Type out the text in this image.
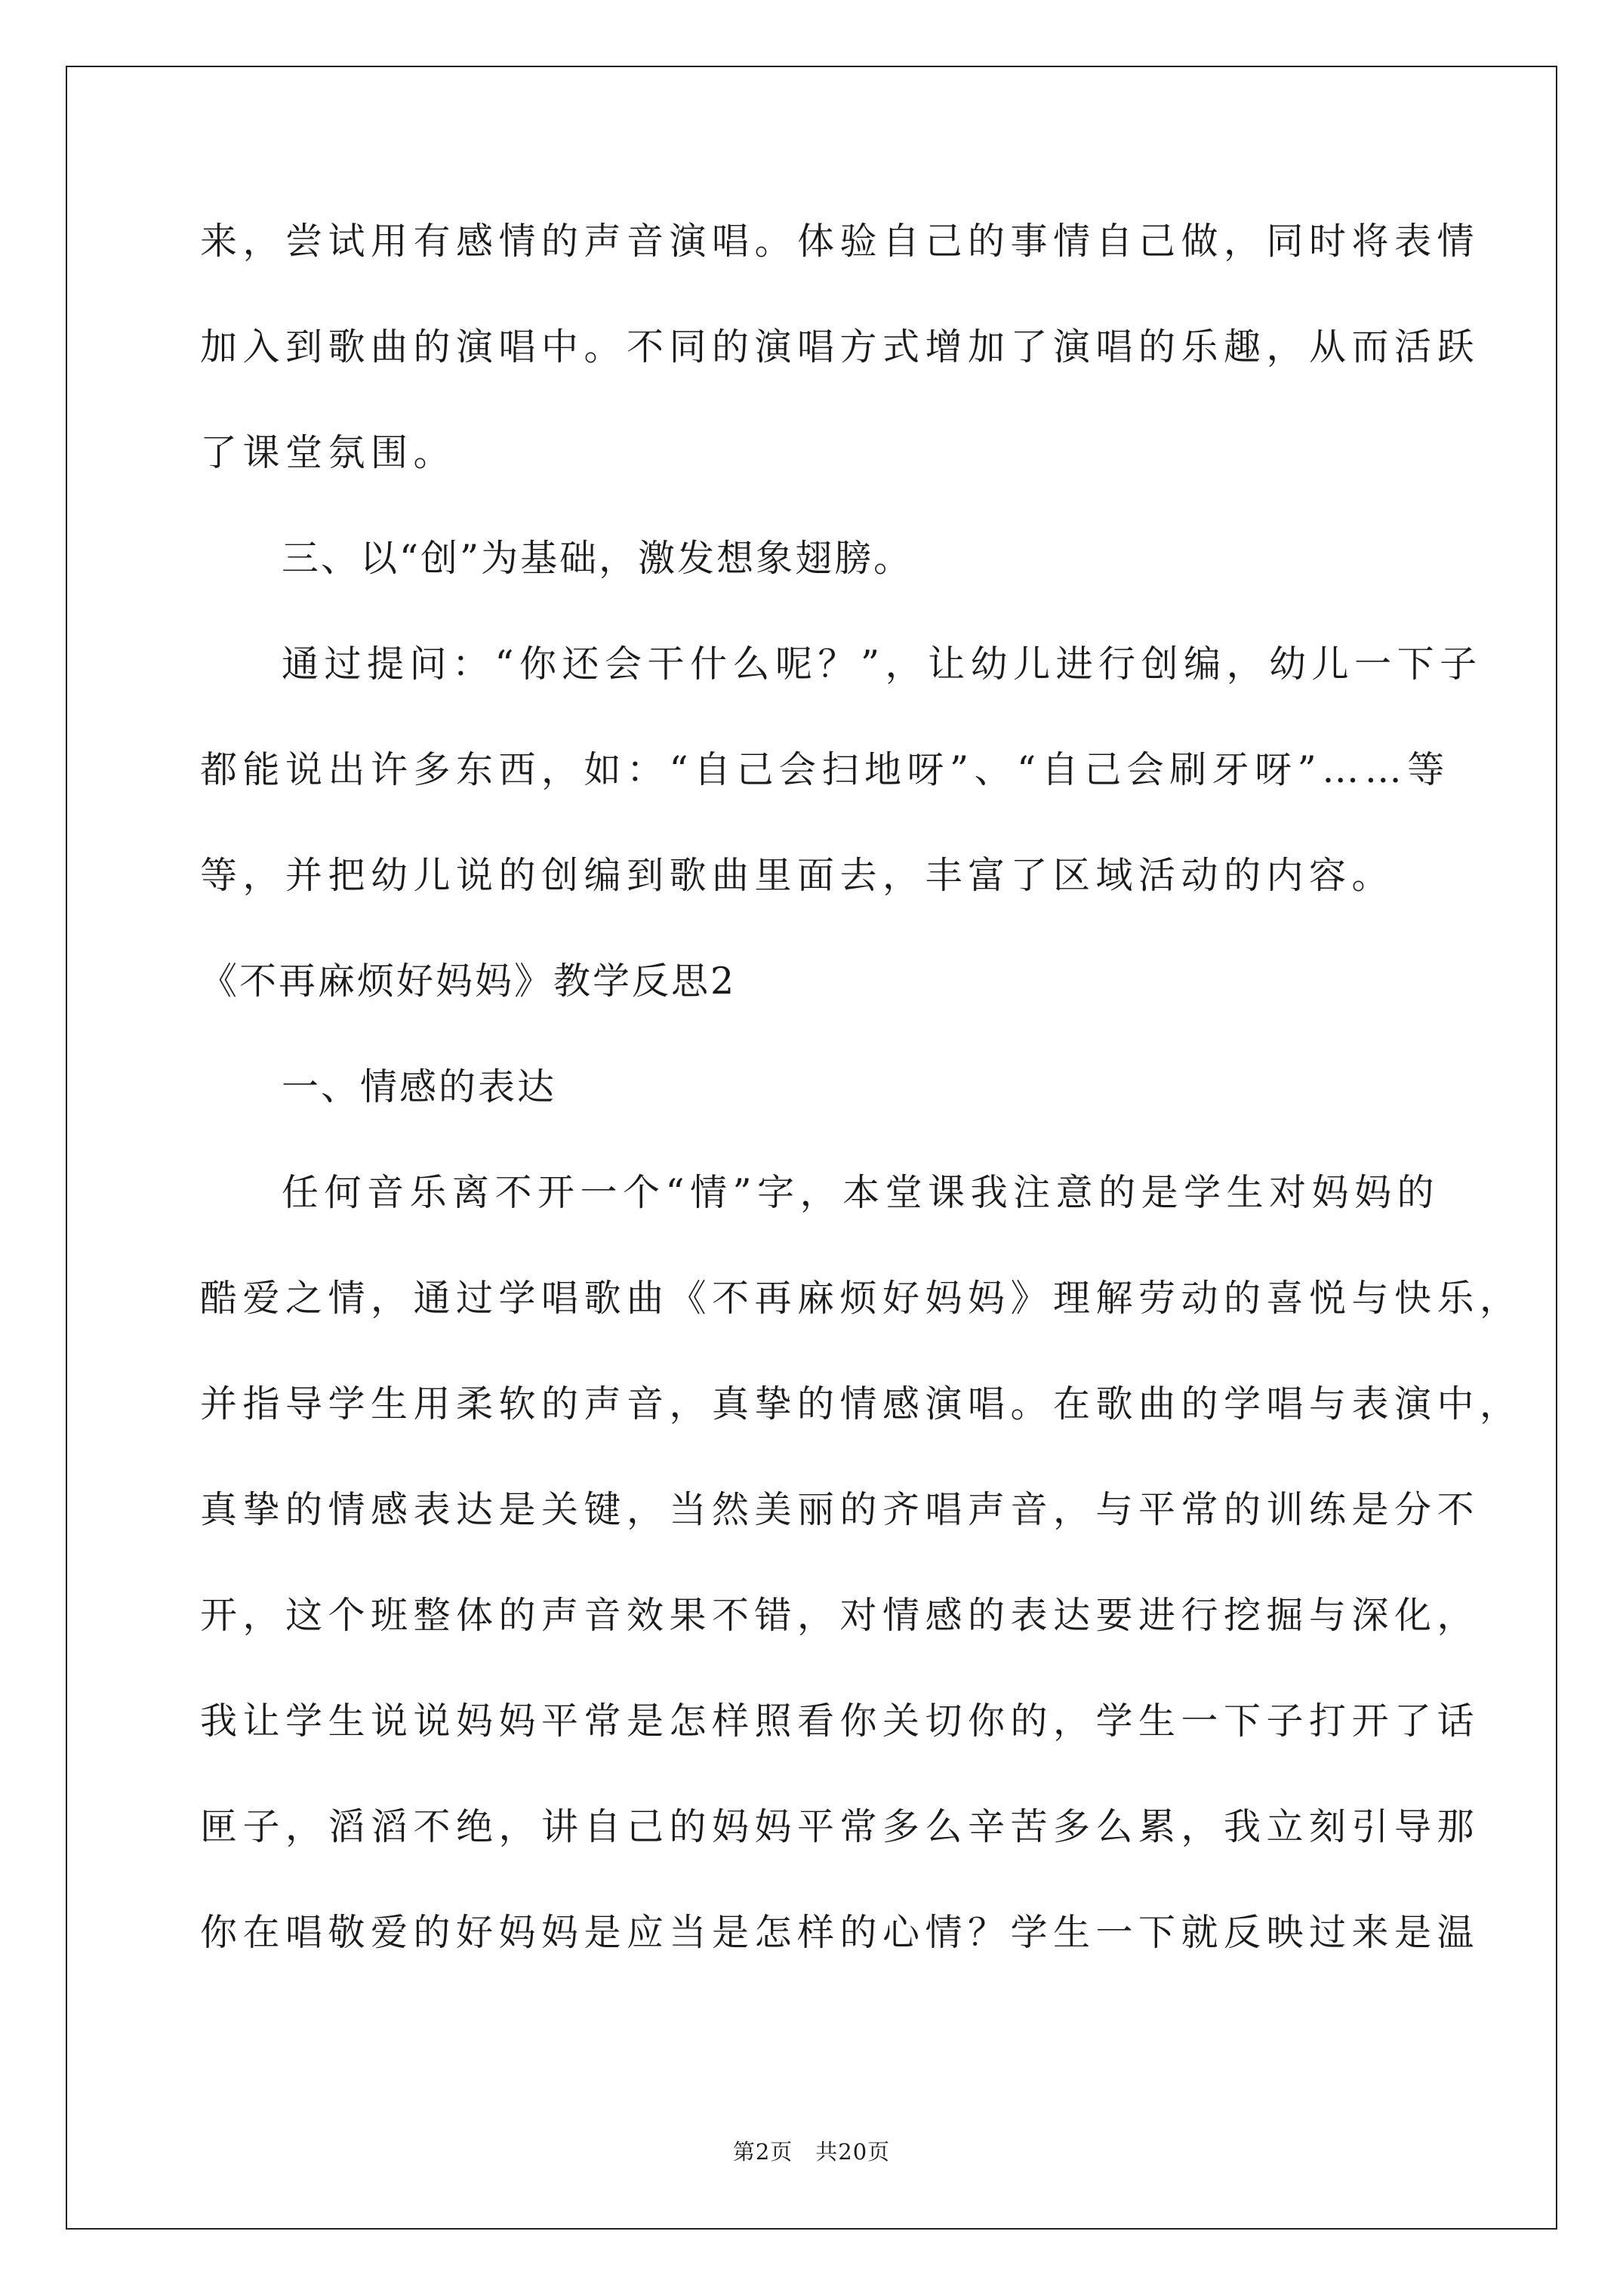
来，尝试用有感情的声音演唱。体验自己的事情自己做，同时将表情
加入到歌曲的演唱中。不同的演唱方式增加了演唱的乐趣，从而活跃
了课堂氛围。
三、以“创”为基础，激发想象翅膀。
通过提问：“你还会干什么呢？”，让幼儿进行创编，幼儿一下子
都能说出许多东西，如：“自己会扫地呀”、“自己会刷牙呀”……等
等，并把幼儿说的创编到歌曲里面去，丰富了区域活动的内容。
《不再麻烦好妈妈》教学反思2
一、情感的表达
任何音乐离不开一个“情”字，本堂课我注意的是学生对妈妈的
酷爱之情，通过学唱歌曲《不再麻烦好妈妈》理解劳动的喜悦与快乐，
并指导学生用柔软的声音，真挚的情感演唱。在歌曲的学唱与表演中，
真挚的情感表达是关键，当然美丽的齐唱声音，与平常的训练是分不
开，这个班整体的声音效果不错，对情感的表达要进行挖掘与深化，
我让学生说说妈妈平常是怎样照看你关切你的，学生一下子打开了话
匣子，滔滔不绝，讲自己的妈妈平常多么辛苦多么累，我立刻引导那
你在唱敬爱的好妈妈是应当是怎样的心情？学生一下就反映过来是温
第2页 共20页
